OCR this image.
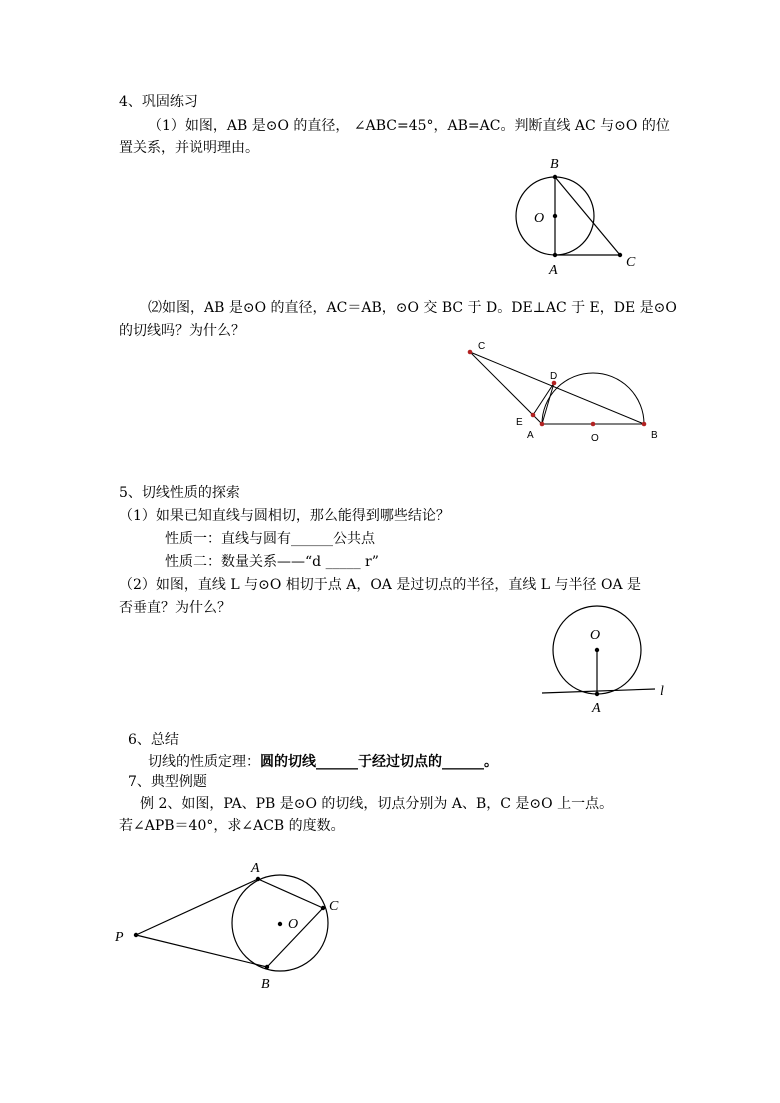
4、巩固练习
（1）如图，AB 是⊙O 的直径， ∠ABC=45°，AB=AC。判断直线 AC 与⊙O 的位
置关系，并说明理由。
B
O
A
C
⑵如图，AB 是⊙O 的直径，AC＝AB，⊙O 交 BC 于 D。DE⊥AC 于 E，DE 是⊙O
的切线吗？为什么？
C
D
E
A	O	B
5、切线性质的探索
（1）如果已知直线与圆相切，那么能得到哪些结论？
性质一：直线与圆有______公共点
性质二：数量关系——“d _____ r”
（2）如图，直线 L 与⊙O 相切于点 A，OA 是过切点的半径，直线 L 与半径 OA 是
否垂直？为什么？
O
A
l
6、总结
切线的性质定理：圆的切线______于经过切点的______。
7、典型例题
例 2、如图，PA、PB 是⊙O 的切线，切点分别为 A、B，C 是⊙O 上一点。
若∠APB＝40°，求∠ACB 的度数。
A
C
O
P
B
